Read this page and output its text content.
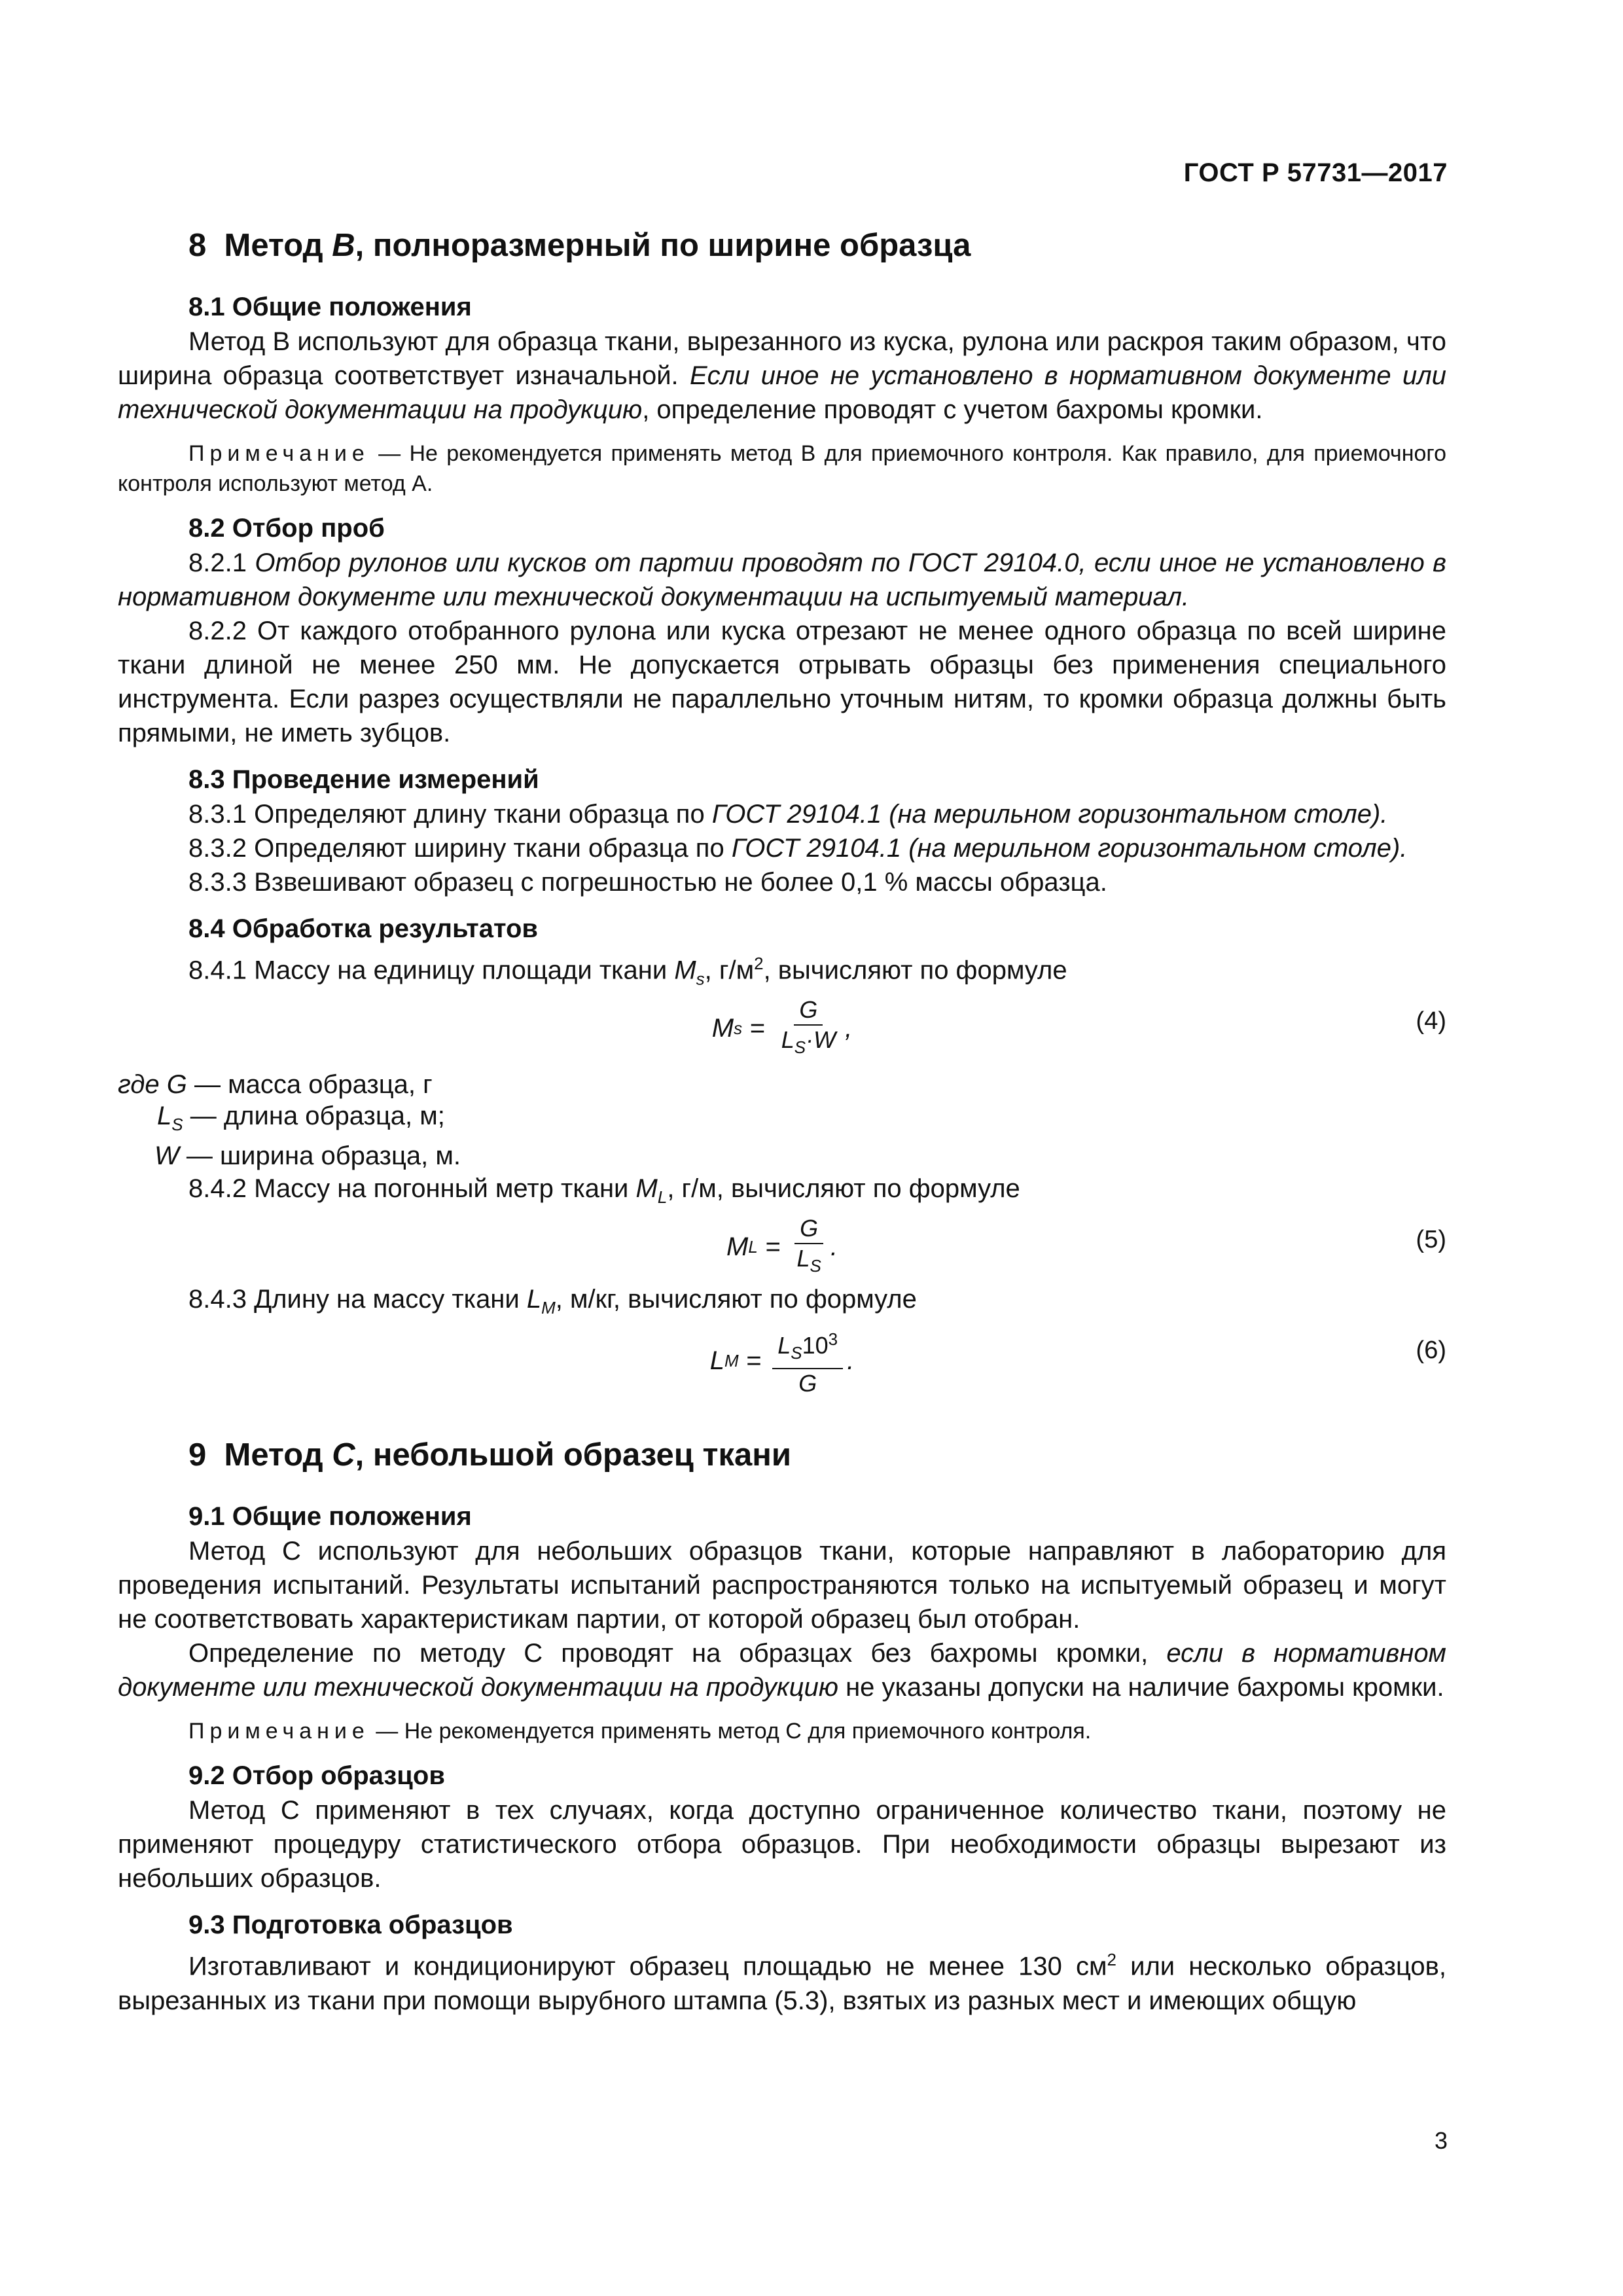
ГОСТ Р 57731—2017
8 Метод В, полноразмерный по ширине образца
8.1 Общие положения

Метод В используют для образца ткани, вырезанного из куска, рулона или раскроя таким образом, что ширина образца соответствует изначальной. Если иное не установлено в нормативном документе или технической документации на продукцию, определение проводят с учетом бахромы кромки.

Примечание — Не рекомендуется применять метод В для приемочного контроля. Как правило, для приемочного контроля используют метод А.

8.2 Отбор проб

8.2.1 Отбор рулонов или кусков от партии проводят по ГОСТ 29104.0, если иное не установлено в нормативном документе или технической документации на испытуемый материал.

8.2.2 От каждого отобранного рулона или куска отрезают не менее одного образца по всей ширине ткани длиной не менее 250 мм. Не допускается отрывать образцы без применения специального инструмента. Если разрез осуществляли не параллельно уточным нитям, то кромки образца должны быть прямыми, не иметь зубцов.

8.3 Проведение измерений

8.3.1 Определяют длину ткани образца по ГОСТ 29104.1 (на мерильном горизонтальном столе).

8.3.2 Определяют ширину ткани образца по ГОСТ 29104.1 (на мерильном горизонтальном столе).

8.3.3 Взвешивают образец с погрешностью не более 0,1 % массы образца.

8.4 Обработка результатов

8.4.1 Массу на единицу площади ткани $M_s$, $г/м^2$, вычисляют по формуле

M $s = \frac{G}{L_S\cdot W}$ ,	(4)

где G — масса образца, г

$L_S$ — длина образца, м;

W — ширина образца, м.

8.4.2 Массу на погонный метр ткани $M_L$, г/м, вычисляют по формуле

M $L = \frac{G}{L_S}$ .	(5)

8.4.3 Длину на массу ткани $L_M$, м/кг, вычисляют по формуле

L $M = \frac{L_S10^3}{G}$ .	(6)
9 Метод С, небольшой образец ткани
9.1 Общие положения

Метод С используют для небольших образцов ткани, которые направляют в лабораторию для проведения испытаний. Результаты испытаний распространяются только на испытуемый образец и могут не соответствовать характеристикам партии, от которой образец был отобран.

Определение по методу С проводят на образцах без бахромы кромки, если в нормативном документе или технической документации на продукцию не указаны допуски на наличие бахромы кромки.

Примечание — Не рекомендуется применять метод С для приемочного контроля.

9.2 Отбор образцов

Метод С применяют в тех случаях, когда доступно ограниченное количество ткани, поэтому не применяют процедуру статистического отбора образцов. При необходимости образцы вырезают из небольших образцов.

9.3 Подготовка образцов

Изготавливают и кондиционируют образец площадью не менее 130 $см^2$ или несколько образцов, вырезанных из ткани при помощи вырубного штампа (5.3), взятых из разных мест и имеющих общую

3
